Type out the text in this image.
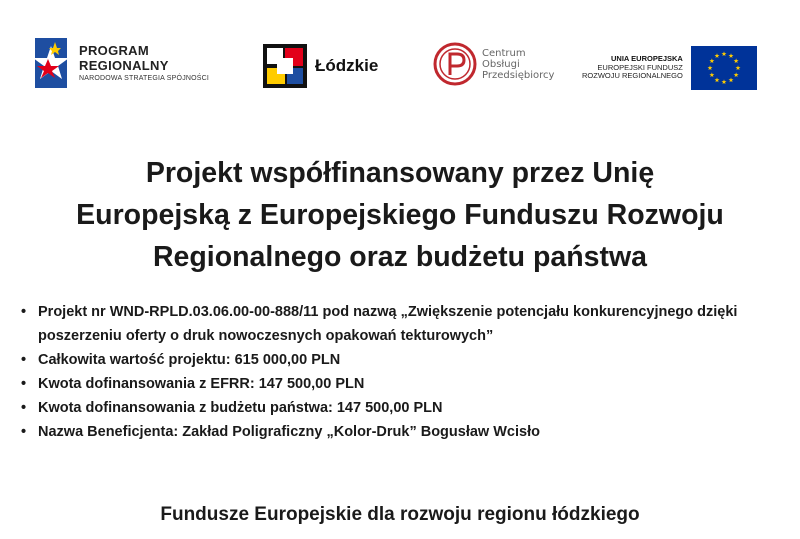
PROGRAM
REGIONALNY
NARODOWA STRATEGIA SPÓJNOŚCI
Łódzkie
Centrum
Obsługi
Przedsiębiorcy
UNIA EUROPEJSKA
EUROPEJSKI FUNDUSZ
ROZWOJU REGIONALNEGO
Projekt współfinansowany przez Unię
Europejską z Europejskiego Funduszu Rozwoju
Regionalnego oraz budżetu państwa
• Projekt nr WND-RPLD.03.06.00-00-888/11 pod nazwą „Zwiększenie potencjału konkurencyjnego dzięki poszerzeniu oferty o druk nowoczesnych opakowań tekturowych”
• Całkowita wartość projektu: 615 000,00 PLN
• Kwota dofinansowania z EFRR: 147 500,00 PLN
• Kwota dofinansowania z budżetu państwa: 147 500,00 PLN
• Nazwa Beneficjenta: Zakład Poligraficzny „Kolor-Druk” Bogusław Wcisło
Fundusze Europejskie dla rozwoju regionu łódzkiego
